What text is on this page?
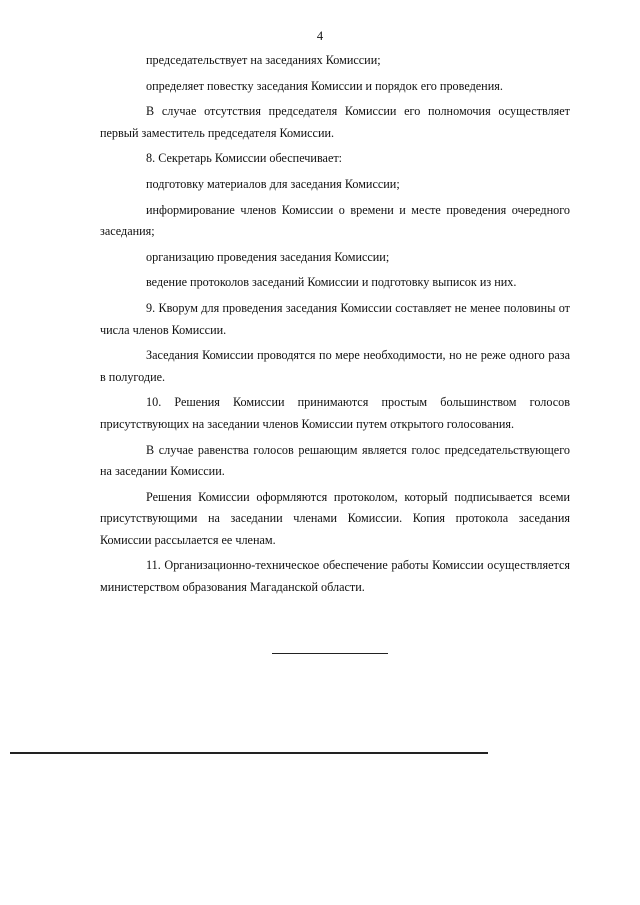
4

председательствует на заседаниях Комиссии;

определяет повестку заседания Комиссии и порядок его проведения.

В случае отсутствия председателя Комиссии его полномочия осуществляет первый заместитель председателя Комиссии.

8. Секретарь Комиссии обеспечивает:

подготовку материалов для заседания Комиссии;

информирование членов Комиссии о времени и месте проведения очередного заседания;

организацию проведения заседания Комиссии;

ведение протоколов заседаний Комиссии и подготовку выписок из них.

9. Кворум для проведения заседания Комиссии составляет не менее половины от числа членов Комиссии.

Заседания Комиссии проводятся по мере необходимости, но не реже одного раза в полугодие.

10. Решения Комиссии принимаются простым большинством голосов присутствующих на заседании членов Комиссии путем открытого голосования.

В случае равенства голосов решающим является голос председательствующего на заседании Комиссии.

Решения Комиссии оформляются протоколом, который подписывается всеми присутствующими на заседании членами Комиссии. Копия протокола заседания Комиссии рассылается ее членам.

11. Организационно-техническое обеспечение работы Комиссии осуществляется министерством образования Магаданской области.
